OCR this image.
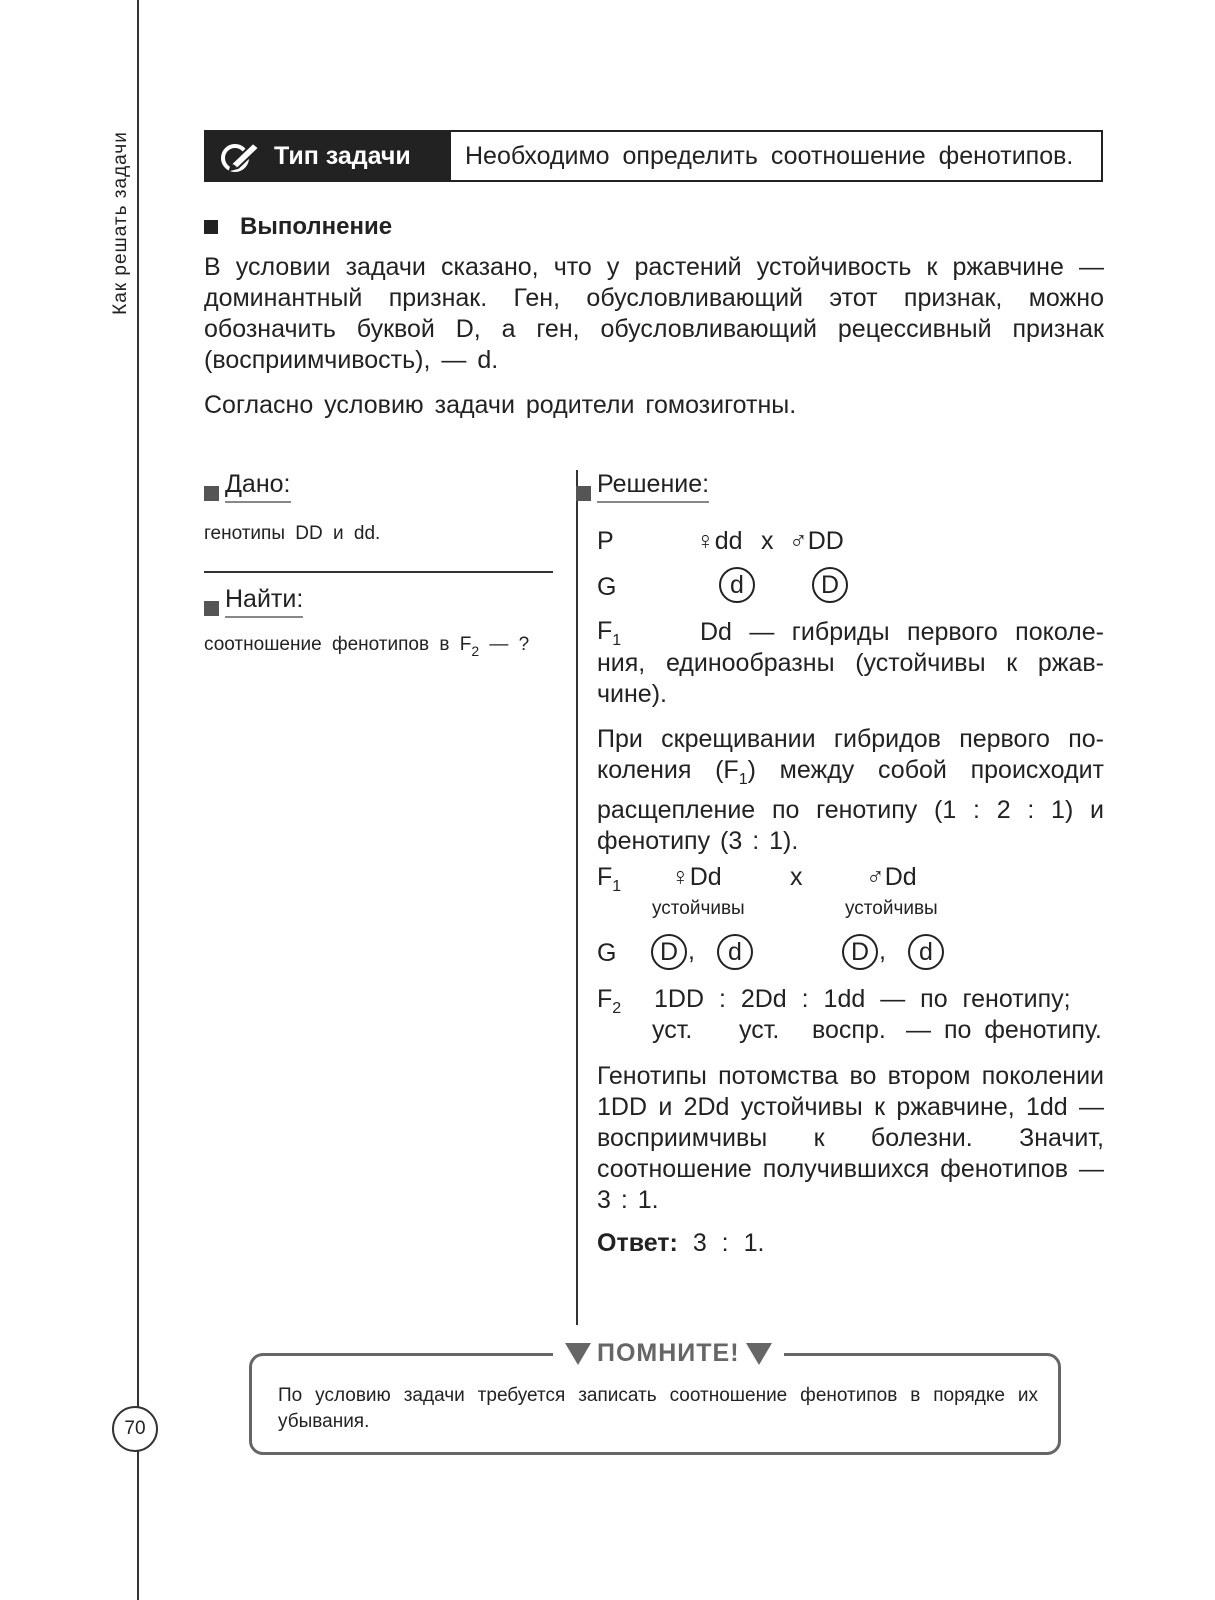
Как решать задачи
70
Тип задачи	Необходимо определить соотношение фенотипов.
Выполнение
В условии задачи сказано, что у растений устойчивость к ржавчине — доминантный признак. Ген, обусловливающий этот признак, можно обозначить буквой D, а ген, обусловливающий рецессивный признак (восприимчивость), — d.
Согласно условию задачи родители гомозиготны.
Дано:
генотипы DD и dd.
Найти:
соотношение фенотипов в $F_2$ — ?
Решение:
P	♀dd x ♂DD
G	d	D
$F_1$	Dd — гибриды первого поколения, единообразны (устойчивы к ржавчине).
При скрещивании гибридов первого поколения $(F_1)$ между собой происходит расщепление по генотипу (1 : 2 : 1) и фенотипу (3 : 1).
$F_1$ ♀Dd	x	♂Dd
устойчивы	устойчивы
G	D ,	d	D ,	d
$F_2$ 1DD : 2Dd : 1dd — по генотипу;
уст. уст. воспр. — по фенотипу.
Генотипы потомства во втором поколении 1DD и 2Dd устойчивы к ржавчине, 1dd — восприимчивы к болезни. Значит, соотношение получившихся фенотипов — 3 : 1.
Ответ: 3 : 1.
ПОМНИТЕ!
По условию задачи требуется записать соотношение фенотипов в порядке их убывания.
